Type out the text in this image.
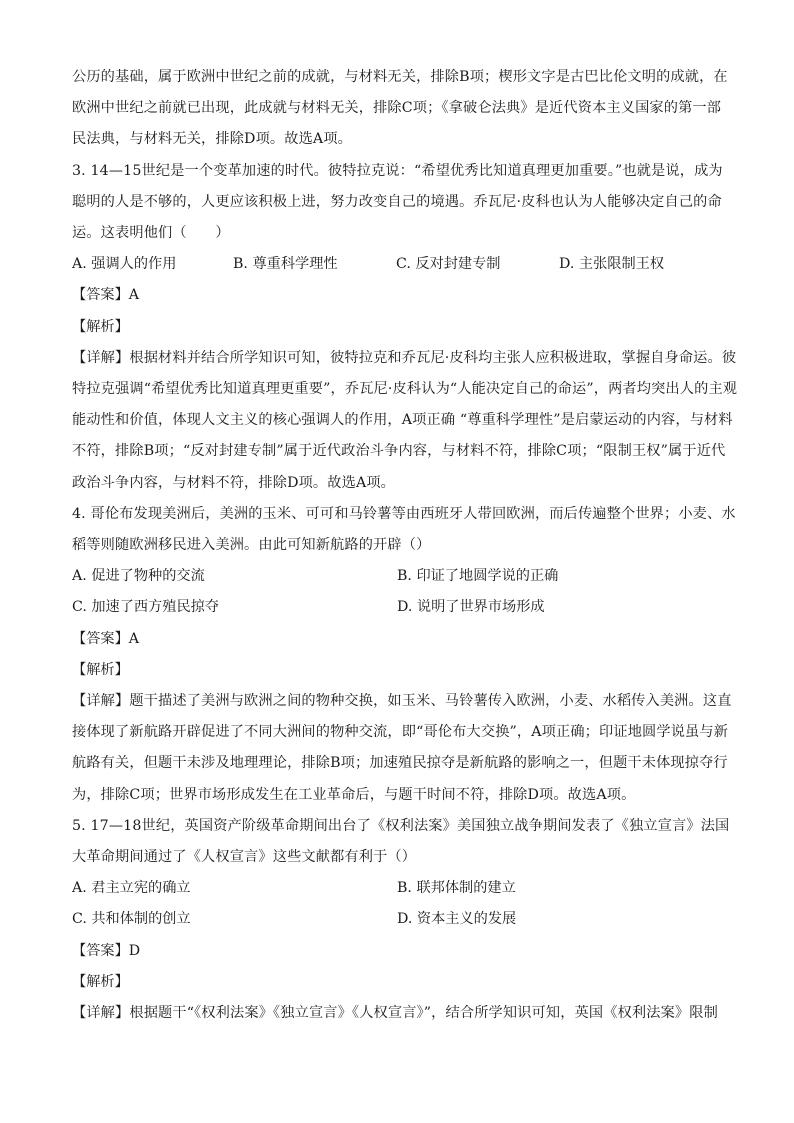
公历的基础，属于欧洲中世纪之前的成就，与材料无关，排除B项；楔形文字是古巴比伦文明的成就，在
欧洲中世纪之前就已出现，此成就与材料无关，排除C项；《拿破仑法典》是近代资本主义国家的第一部
民法典，与材料无关，排除D项。故选A项。
3. 14—15世纪是一个变革加速的时代。彼特拉克说：“希望优秀比知道真理更加重要。”也就是说，成为
聪明的人是不够的，人更应该积极上进，努力改变自己的境遇。乔瓦尼·皮科也认为人能够决定自己的命
运。这表明他们（　　）
A. 强调人的作用	B. 尊重科学理性	C. 反对封建专制	D. 主张限制王权
【答案】A
【解析】
【详解】根据材料并结合所学知识可知，彼特拉克和乔瓦尼·皮科均主张人应积极进取，掌握自身命运。彼
特拉克强调“希望优秀比知道真理更重要”，乔瓦尼·皮科认为“人能决定自己的命运”，两者均突出人的主观
能动性和价值，体现人文主义的核心强调人的作用，A项正确 “尊重科学理性”是启蒙运动的内容，与材料
不符，排除B项；“反对封建专制”属于近代政治斗争内容，与材料不符，排除C项；“限制王权”属于近代
政治斗争内容，与材料不符，排除D项。故选A项。
4. 哥伦布发现美洲后，美洲的玉米、可可和马铃薯等由西班牙人带回欧洲，而后传遍整个世界；小麦、水
稻等则随欧洲移民进入美洲。由此可知新航路的开辟（）
A. 促进了物种的交流	B. 印证了地圆学说的正确
C. 加速了西方殖民掠夺	D. 说明了世界市场形成
【答案】A
【解析】
【详解】题干描述了美洲与欧洲之间的物种交换，如玉米、马铃薯传入欧洲，小麦、水稻传入美洲。这直
接体现了新航路开辟促进了不同大洲间的物种交流，即“哥伦布大交换”，A项正确；印证地圆学说虽与新
航路有关，但题干未涉及地理理论，排除B项；加速殖民掠夺是新航路的影响之一，但题干未体现掠夺行
为，排除C项；世界市场形成发生在工业革命后，与题干时间不符，排除D项。故选A项。
5. 17—18世纪，英国资产阶级革命期间出台了《权利法案》美国独立战争期间发表了《独立宣言》法国
大革命期间通过了《人权宣言》这些文献都有利于（）
A. 君主立宪的确立	B. 联邦体制的建立
C. 共和体制的创立	D. 资本主义的发展
【答案】D
【解析】
【详解】根据题干“《权利法案》《独立宣言》《人权宣言》”，结合所学知识可知，英国《权利法案》限制
